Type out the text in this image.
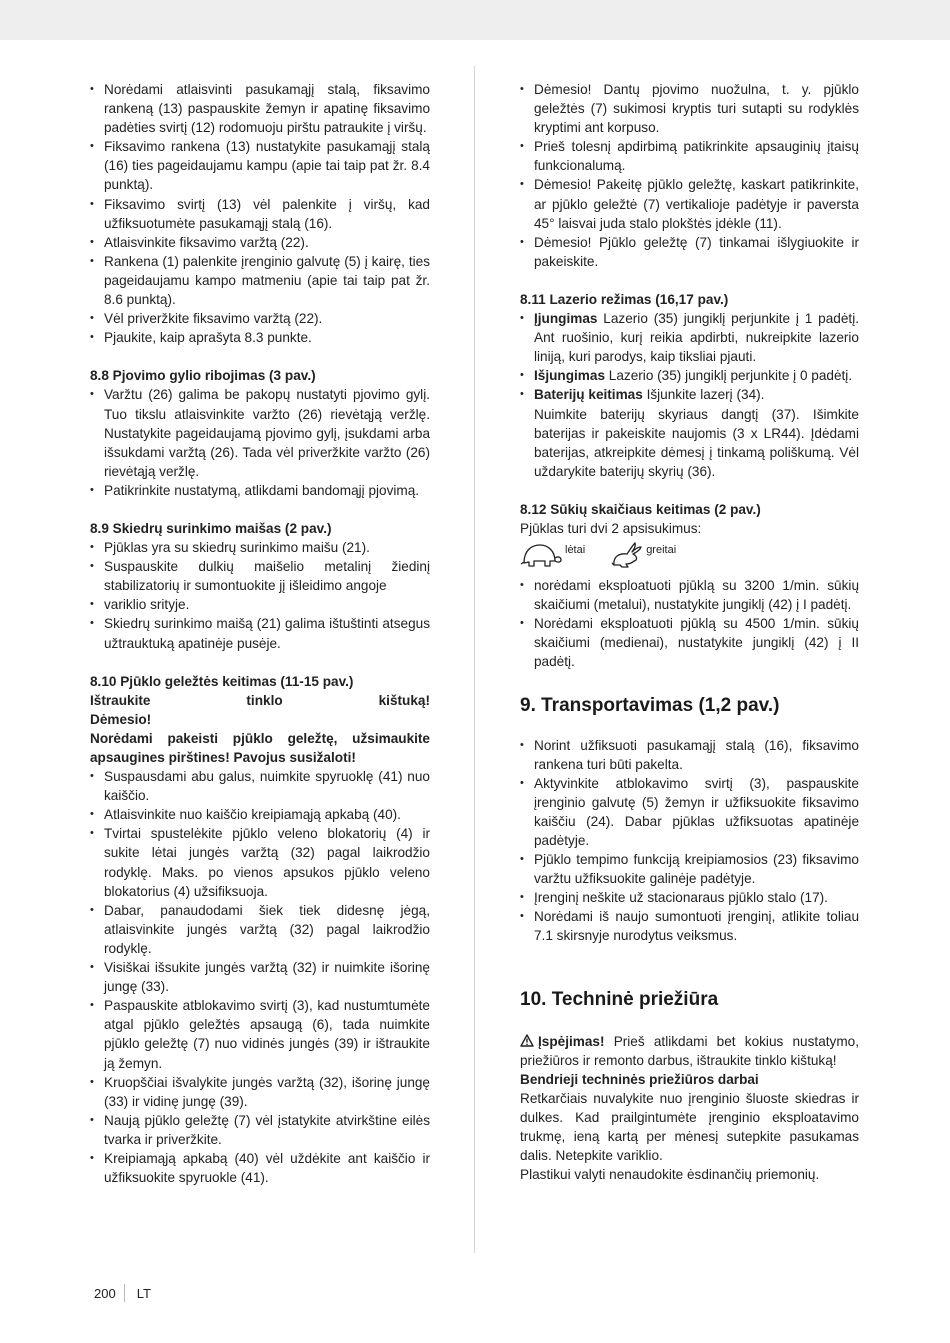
• Norėdami atlaisvinti pasukamąjį stalą, fiksavimo rankeną (13) paspauskite žemyn ir apatinę fiksavimo padėties svirtį (12) rodomuoju pirštu patraukite į viršų.
• Fiksavimo rankena (13) nustatykite pasukamąjį stalą (16) ties pageidaujamu kampu (apie tai taip pat žr. 8.4 punktą).
• Fiksavimo svirtį (13) vėl palenkite į viršų, kad užfiksuotumėte pasukamąjį stalą (16).
• Atlaisvinkite fiksavimo varžtą (22).
• Rankena (1) palenkite įrenginio galvutę (5) į kairę, ties pageidaujamu kampo matmeniu (apie tai taip pat žr. 8.6 punktą).
• Vėl priveržkite fiksavimo varžtą (22).
• Pjaukite, kaip aprašyta 8.3 punkte.
8.8 Pjovimo gylio ribojimas (3 pav.)
• Varžtu (26) galima be pakopų nustatyti pjovimo gylį. Tuo tikslu atlaisvinkite varžto (26) rievėtąją veržlę. Nustatykite pageidaujamą pjovimo gylį, įsukdami arba išsukdami varžtą (26). Tada vėl priveržkite varžto (26) rievėtąją veržlę.
• Patikrinkite nustatymą, atlikdami bandomąjį pjovimą.
8.9 Skiedrų surinkimo maišas (2 pav.)
• Pjūklas yra su skiedrų surinkimo maišu (21).
• Suspauskite dulkių maišelio metalinį žiedinį stabilizatorių ir sumontuokite jį išleidimo angoje
• variklio srityje.
• Skiedrų surinkimo maišą (21) galima ištuštinti atsegus užtrauktuką apatinėje pusėje.
8.10 Pjūklo geležtės keitimas (11-15 pav.)
Ištraukite tinklo kištuką!
Dėmesio!
Norėdami pakeisti pjūklo geležtę, užsimaukite apsaugines pirštines! Pavojus susižaloti!
• Suspausdami abu galus, nuimkite spyruoklę (41) nuo kaiščio.
• Atlaisvinkite nuo kaiščio kreipiamąją apkabą (40).
• Tvirtai spustelėkite pjūklo veleno blokatorių (4) ir sukite lėtai jungės varžtą (32) pagal laikrodžio rodyklę. Maks. po vienos apsukos pjūklo veleno blokatorius (4) užsifiksuoja.
• Dabar, panaudodami šiek tiek didesnę jėgą, atlaisvinkite jungės varžtą (32) pagal laikrodžio rodyklę.
• Visiškai išsukite jungės varžtą (32) ir nuimkite išorinę jungę (33).
• Paspauskite atblokavimo svirtį (3), kad nustumtumėte atgal pjūklo geležtės apsaugą (6), tada nuimkite pjūklo geležtę (7) nuo vidinės jungės (39) ir ištraukite ją žemyn.
• Kruopščiai išvalykite jungės varžtą (32), išorinę jungę (33) ir vidinę jungę (39).
• Naują pjūklo geležtę (7) vėl įstatykite atvirkštine eilės tvarka ir priveržkite.
• Kreipiamąją apkabą (40) vėl uždėkite ant kaiščio ir užfiksuokite spyruokle (41).
• Dėmesio! Dantų pjovimo nuožulna, t. y. pjūklo geležtės (7) sukimosi kryptis turi sutapti su rodyklės kryptimi ant korpuso.
• Prieš tolesnį apdirbimą patikrinkite apsauginių įtaisų funkcionalumą.
• Dėmesio! Pakeitę pjūklo geležtę, kaskart patikrinkite, ar pjūklo geležtė (7) vertikalioje padėtyje ir paversta 45° laisvai juda stalo plokštės įdėkle (11).
• Dėmesio! Pjūklo geležtę (7) tinkamai išlygiuokite ir pakeiskite.
8.11 Lazerio režimas (16,17 pav.)
• Įjungimas Lazerio (35) jungiklį perjunkite į 1 padėtį. Ant ruošinio, kurį reikia apdirbti, nukreipkite lazerio liniją, kuri parodys, kaip tiksliai pjauti.
• Išjungimas Lazerio (35) jungiklį perjunkite į 0 padėtį.
• Baterijų keitimas Išjunkite lazerį (34).
Nuimkite baterijų skyriaus dangtį (37). Išimkite baterijas ir pakeiskite naujomis (3 x LR44). Įdėdami baterijas, atkreipkite dėmesį į tinkamą poliškumą. Vėl uždarykite baterijų skyrių (36).
8.12 Sūkių skaičiaus keitimas (2 pav.)
Pjūklas turi dvi 2 apsisukimus:
lėtai	greitai
• norėdami eksploatuoti pjūklą su 3200 1/min. sūkių skaičiumi (metalui), nustatykite jungiklį (42) į I padėtį.
• Norėdami eksploatuoti pjūklą su 4500 1/min. sūkių skaičiumi (medienai), nustatykite jungiklį (42) į II padėtį.
9. Transportavimas (1,2 pav.)
• Norint užfiksuoti pasukamąjį stalą (16), fiksavimo rankena turi būti pakelta.
• Aktyvinkite atblokavimo svirtį (3), paspauskite įrenginio galvutę (5) žemyn ir užfiksuokite fiksavimo kaiščiu (24). Dabar pjūklas užfiksuotas apatinėje padėtyje.
• Pjūklo tempimo funkciją kreipiamosios (23) fiksavimo varžtu užfiksuokite galinėje padėtyje.
• Įrenginį neškite už stacionaraus pjūklo stalo (17).
• Norėdami iš naujo sumontuoti įrenginį, atlikite toliau 7.1 skirsnyje nurodytus veiksmus.
10. Techninė priežiūra
Įspėjimas! Prieš atlikdami bet kokius nustatymo, priežiūros ir remonto darbus, ištraukite tinklo kištuką!
Bendrieji techninės priežiūros darbai
Retkarčiais nuvalykite nuo įrenginio šluoste skiedras ir dulkes. Kad prailgintumėte įrenginio eksploatavimo trukmę, ieną kartą per mėnesį sutepkite pasukamas dalis. Netepkite variklio.
Plastikui valyti nenaudokite ėsdinančių priemonių.
200 LT
